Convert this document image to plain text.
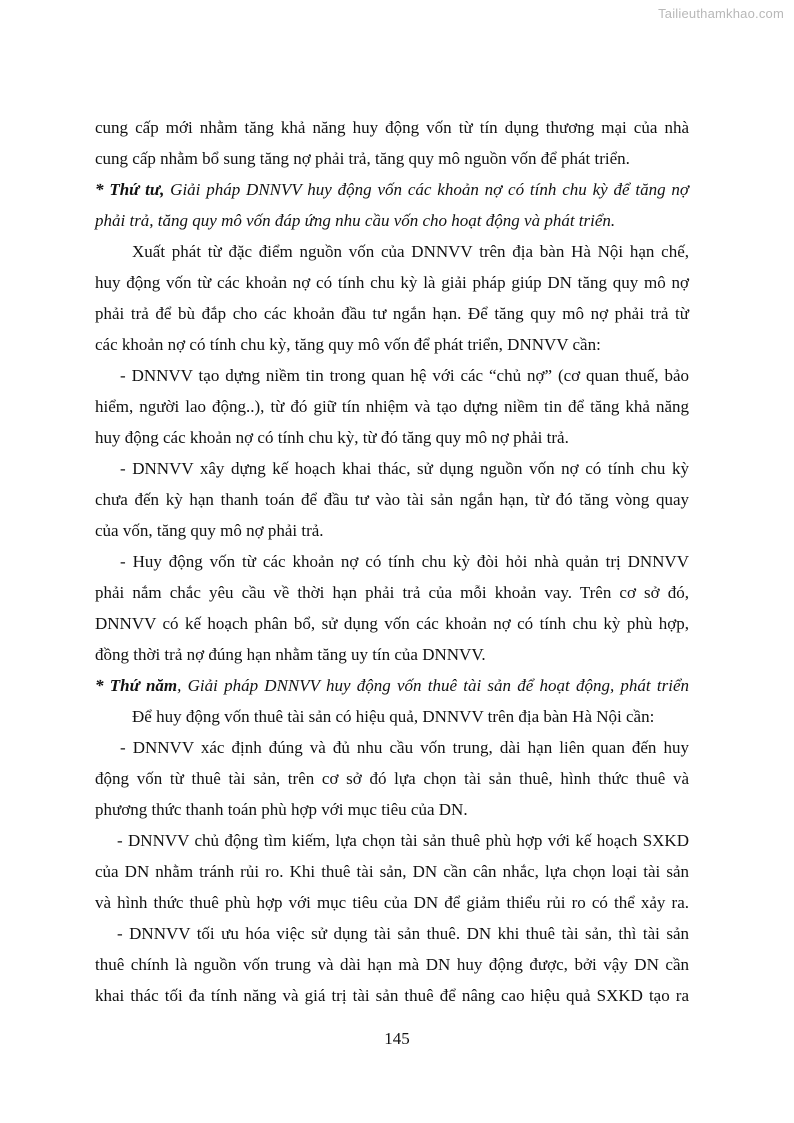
Tailieuthamkhao.com
cung cấp mới nhằm tăng khả năng huy động vốn từ tín dụng thương mại của nhà
cung cấp nhằm bổ sung tăng nợ phải trả, tăng quy mô nguồn vốn để phát triển.
* Thứ tư, Giải pháp DNNVV huy động vốn các khoản nợ có tính chu kỳ để tăng nợ
phải trả, tăng quy mô vốn đáp ứng nhu cầu vốn cho hoạt động và phát triển.
Xuất phát từ đặc điểm nguồn vốn của DNNVV trên địa bàn Hà Nội hạn chế,
huy động vốn từ các khoản nợ có tính chu kỳ là giải pháp giúp DN tăng quy mô nợ
phải trả để bù đắp cho các khoản đầu tư ngắn hạn. Để tăng quy mô nợ phải trả từ
các khoản nợ có tính chu kỳ, tăng quy mô vốn để phát triển, DNNVV cần:
- DNNVV tạo dựng niềm tin trong quan hệ với các “chủ nợ” (cơ quan thuế, bảo
hiểm, người lao động..), từ đó giữ tín nhiệm và tạo dựng niềm tin để tăng khả năng
huy động các khoản nợ có tính chu kỳ, từ đó tăng quy mô nợ phải trả.
- DNNVV xây dựng kế hoạch khai thác, sử dụng nguồn vốn nợ có tính chu kỳ
chưa đến kỳ hạn thanh toán để đầu tư vào tài sản ngắn hạn, từ đó tăng vòng quay
của vốn, tăng quy mô nợ phải trả.
- Huy động vốn từ các khoản nợ có tính chu kỳ đòi hỏi nhà quản trị DNNVV
phải nắm chắc yêu cầu về thời hạn phải trả của mỗi khoản vay. Trên cơ sở đó,
DNNVV có kế hoạch phân bổ, sử dụng vốn các khoản nợ có tính chu kỳ phù hợp,
đồng thời trả nợ đúng hạn nhằm tăng uy tín của DNNVV.
* Thứ năm, Giải pháp DNNVV huy động vốn thuê tài sản để hoạt động, phát triển
Để huy động vốn thuê tài sản có hiệu quả, DNNVV trên địa bàn Hà Nội cần:
- DNNVV xác định đúng và đủ nhu cầu vốn trung, dài hạn liên quan đến huy
động vốn từ thuê tài sản, trên cơ sở đó lựa chọn tài sản thuê, hình thức thuê và
phương thức thanh toán phù hợp với mục tiêu của DN.
- DNNVV chủ động tìm kiếm, lựa chọn tài sản thuê phù hợp với kế hoạch SXKD
của DN nhằm tránh rủi ro. Khi thuê tài sản, DN cần cân nhắc, lựa chọn loại tài sản
và hình thức thuê phù hợp với mục tiêu của DN để giảm thiểu rủi ro có thể xảy ra.
- DNNVV tối ưu hóa việc sử dụng tài sản thuê. DN khi thuê tài sản, thì tài sản
thuê chính là nguồn vốn trung và dài hạn mà DN huy động được, bởi vậy DN cần
khai thác tối đa tính năng và giá trị tài sản thuê để nâng cao hiệu quả SXKD tạo ra
145
